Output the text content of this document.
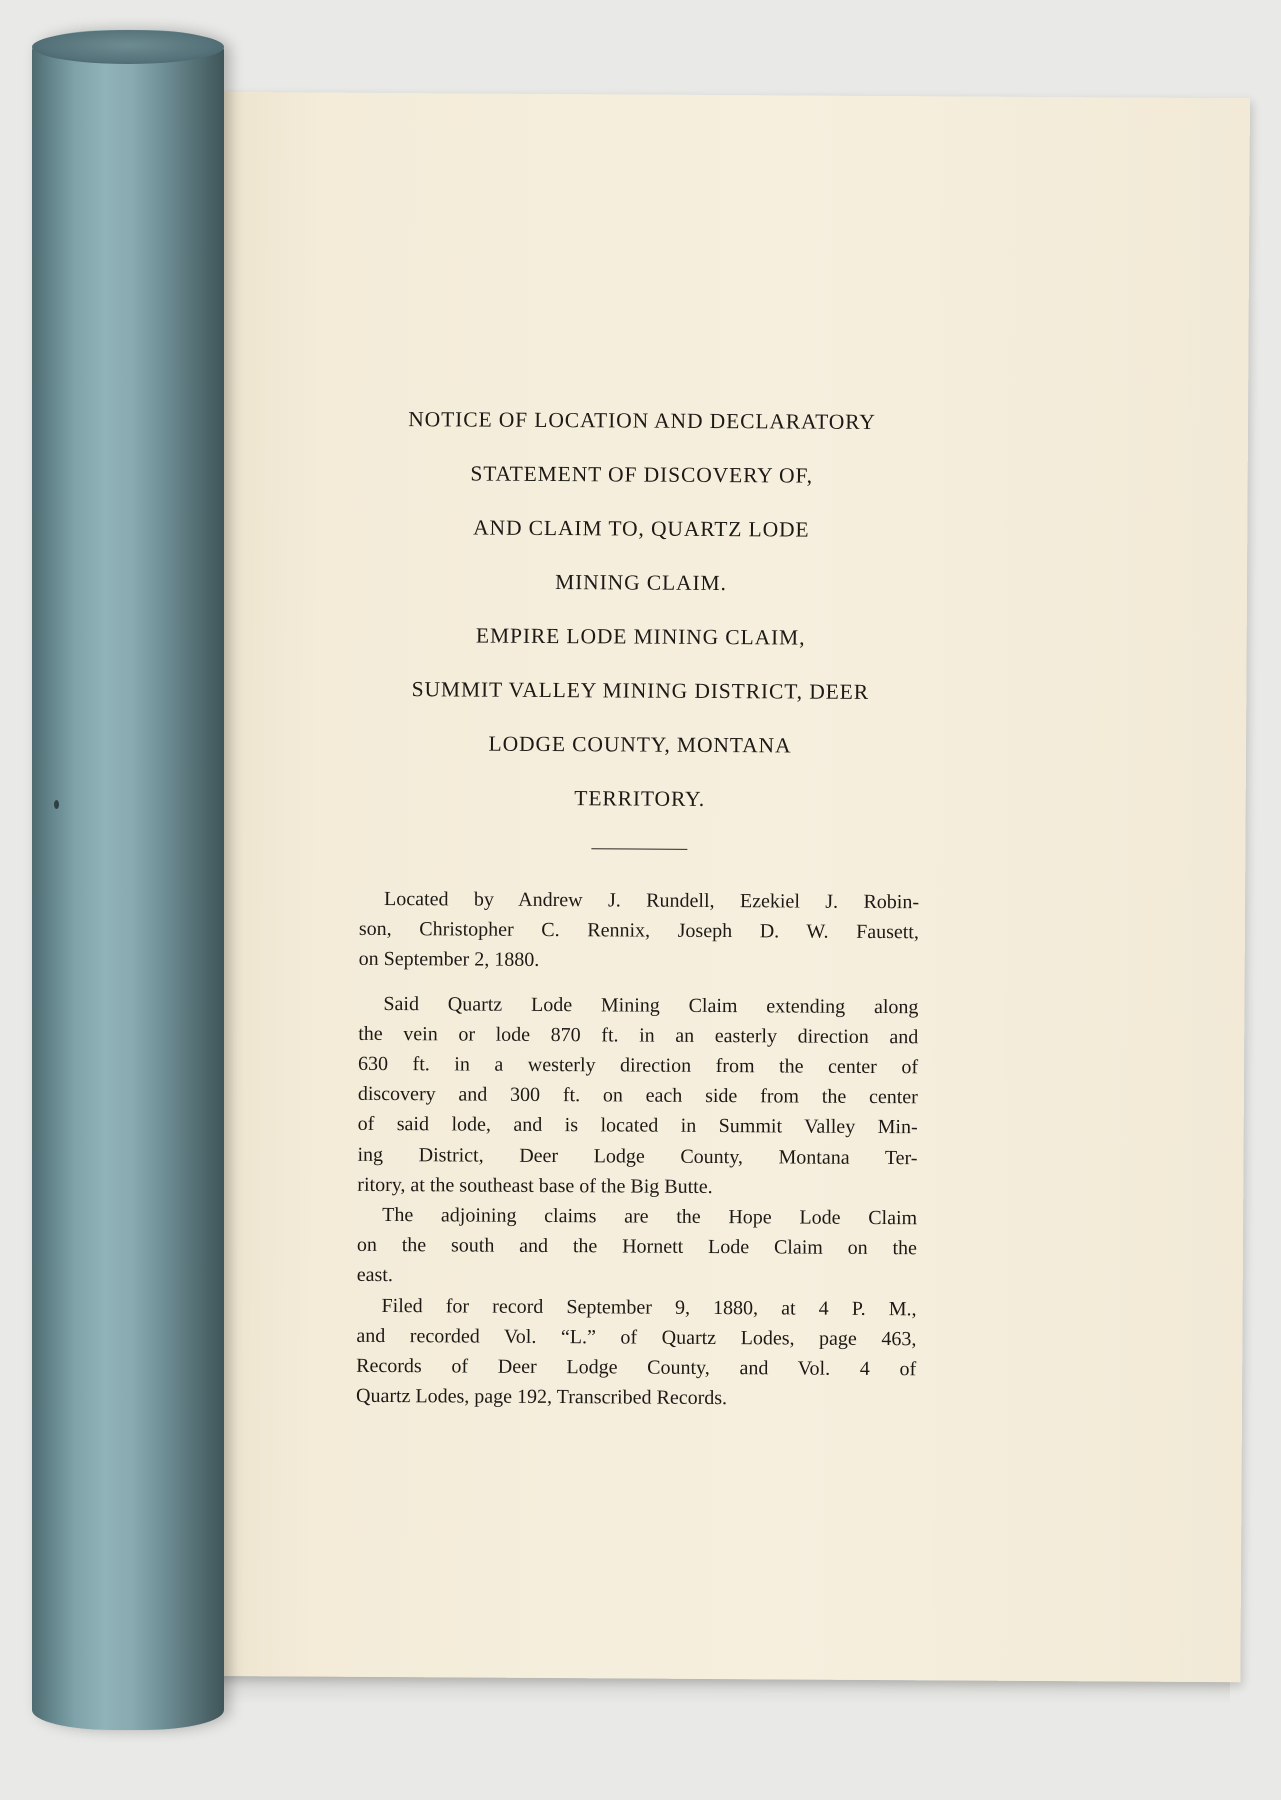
NOTICE OF LOCATION AND DECLARATORY
STATEMENT OF DISCOVERY OF,
AND CLAIM TO, QUARTZ LODE
MINING CLAIM.
EMPIRE LODE MINING CLAIM,
SUMMIT VALLEY MINING DISTRICT, DEER
LODGE COUNTY, MONTANA
TERRITORY.

Located by Andrew J. Rundell, Ezekiel J. Robin-
son, Christopher C. Rennix, Joseph D. W. Fausett,
on September 2, 1880.

Said Quartz Lode Mining Claim extending along
the vein or lode 870 ft. in an easterly direction and
630 ft. in a westerly direction from the center of
discovery and 300 ft. on each side from the center
of said lode, and is located in Summit Valley Min-
ing District, Deer Lodge County, Montana Ter-
ritory, at the southeast base of the Big Butte.

The adjoining claims are the Hope Lode Claim
on the south and the Hornett Lode Claim on the
east.

Filed for record September 9, 1880, at 4 P. M.,
and recorded Vol. “L.” of Quartz Lodes, page 463,
Records of Deer Lodge County, and Vol. 4 of
Quartz Lodes, page 192, Transcribed Records.
